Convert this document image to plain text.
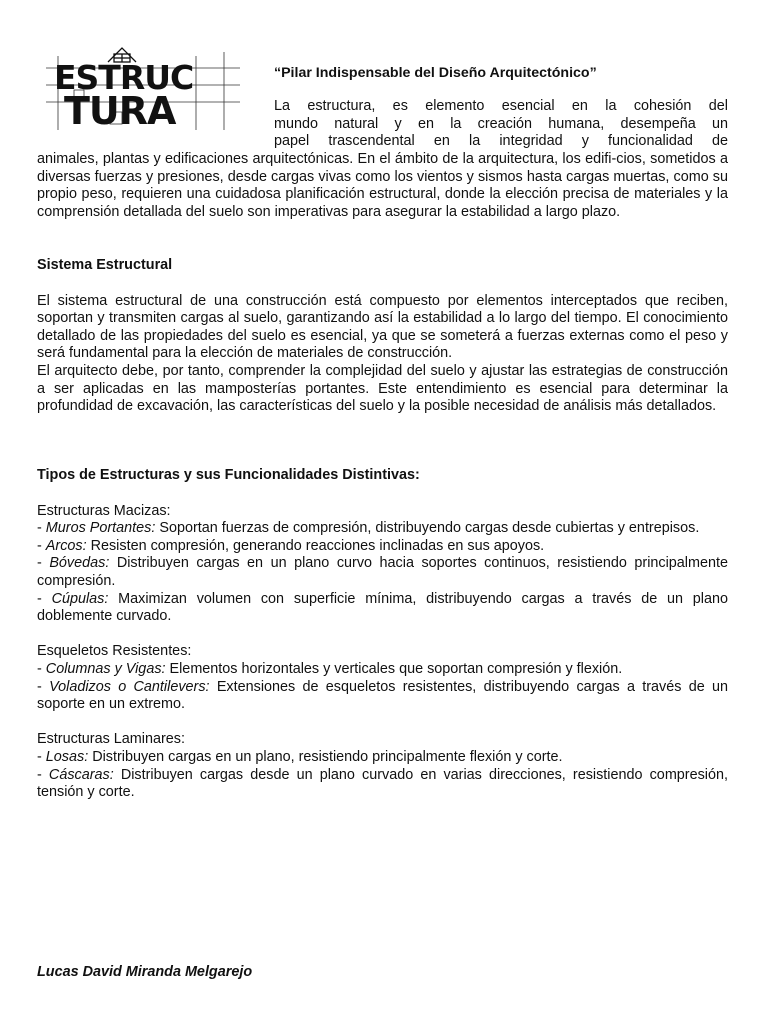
ESTRUC
TURA

“Pilar Indispensable del Diseño Arquitectónico”

La estructura, es elemento esencial en la cohesión del
mundo natural y en la creación humana, desempeña un
papel trascendental en la integridad y funcionalidad de

animales, plantas y edificaciones arquitectónicas. En el ámbito de la arquitectura, los edifi-cios, sometidos a diversas fuerzas y presiones, desde cargas vivas como los vientos y sismos hasta cargas muertas, como su propio peso, requieren una cuidadosa planificación estructural, donde la elección precisa de materiales y la comprensión detallada del suelo son imperativas para asegurar la estabilidad a largo plazo.

Sistema Estructural

El sistema estructural de una construcción está compuesto por elementos interceptados que reciben, soportan y transmiten cargas al suelo, garantizando así la estabilidad a lo largo del tiempo. El conocimiento detallado de las propiedades del suelo es esencial, ya que se someterá a fuerzas externas como el peso y será fundamental para la elección de materiales de construcción.

El arquitecto debe, por tanto, comprender la complejidad del suelo y ajustar las estrategias de construcción a ser aplicadas en las mamposterías portantes. Este entendimiento es esencial para determinar la profundidad de excavación, las características del suelo y la posible necesidad de análisis más detallados.

Tipos de Estructuras y sus Funcionalidades Distintivas:

Estructuras Macizas:

- Muros Portantes: Soportan fuerzas de compresión, distribuyendo cargas desde cubiertas y entrepisos.

- Arcos: Resisten compresión, generando reacciones inclinadas en sus apoyos.

- Bóvedas: Distribuyen cargas en un plano curvo hacia soportes continuos, resistiendo principalmente compresión.

- Cúpulas: Maximizan volumen con superficie mínima, distribuyendo cargas a través de un plano doblemente curvado.

Esqueletos Resistentes:

- Columnas y Vigas: Elementos horizontales y verticales que soportan compresión y flexión.

- Voladizos o Cantilevers: Extensiones de esqueletos resistentes, distribuyendo cargas a través de un soporte en un extremo.

Estructuras Laminares:

- Losas: Distribuyen cargas en un plano, resistiendo principalmente flexión y corte.

- Cáscaras: Distribuyen cargas desde un plano curvado en varias direcciones, resistiendo compresión, tensión y corte.

Lucas David Miranda Melgarejo
